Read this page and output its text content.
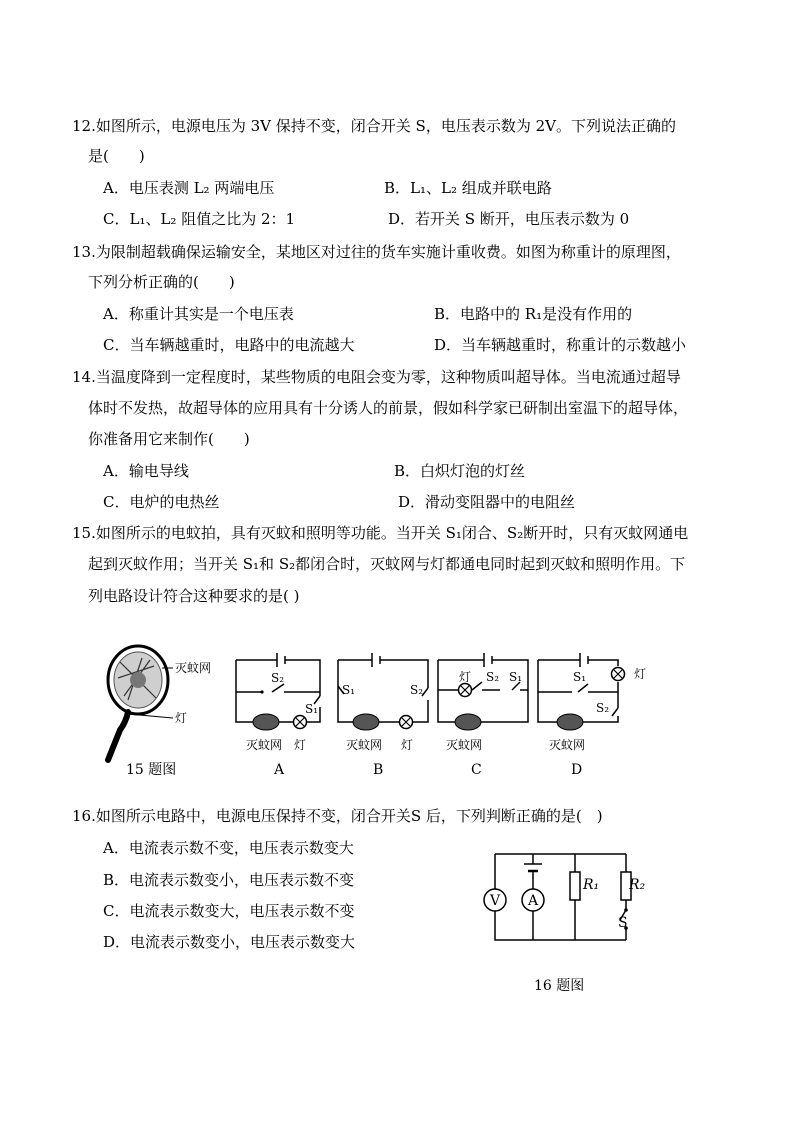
12.如图所示，电源电压为 3V 保持不变，闭合开关 S，电压表示数为 2V。下列说法正确的
是(　　)
A．电压表测 L₂ 两端电压	B．L₁、L₂ 组成并联电路
C．L₁、L₂ 阻值之比为 2：1	D．若开关 S 断开，电压表示数为 0
13.为限制超载确保运输安全，某地区对过往的货车实施计重收费。如图为称重计的原理图，
下列分析正确的(　　)
A．称重计其实是一个电压表	B．电路中的 R₁是没有作用的
C．当车辆越重时，电路中的电流越大	D．当车辆越重时，称重计的示数越小
14.当温度降到一定程度时，某些物质的电阻会变为零，这种物质叫超导体。当电流通过超导
体时不发热，故超导体的应用具有十分诱人的前景，假如科学家已研制出室温下的超导体，
你准备用它来制作(　　)
A．输电导线	B．白炽灯泡的灯丝
C．电炉的电热丝	D．滑动变阻器中的电阻丝
15.如图所示的电蚊拍，具有灭蚊和照明等功能。当开关 S₁闭合、S₂断开时，只有灭蚊网通电
起到灭蚊作用；当开关 S₁和 S₂都闭合时，灭蚊网与灯都通电同时起到灭蚊和照明作用。下
列电路设计符合这种要求的是( )
灭蚊网
灯
15 题图
S₂
S₁
灭蚊网 灯
A
S₁	S₂
灭蚊网 灯
B
灯 S₂ S₁
灭蚊网
C
灯
S₁
S₂
灭蚊网
D
16.如图所示电路中，电源电压保持不变，闭合开关S 后，下列判断正确的是(　)
A．电流表示数不变，电压表示数变大
B．电流表示数变小，电压表示数不变
C．电流表示数变大，电压表示数不变
D．电流表示数变小，电压表示数变大
V A
R₁ R₂
S
16 题图
